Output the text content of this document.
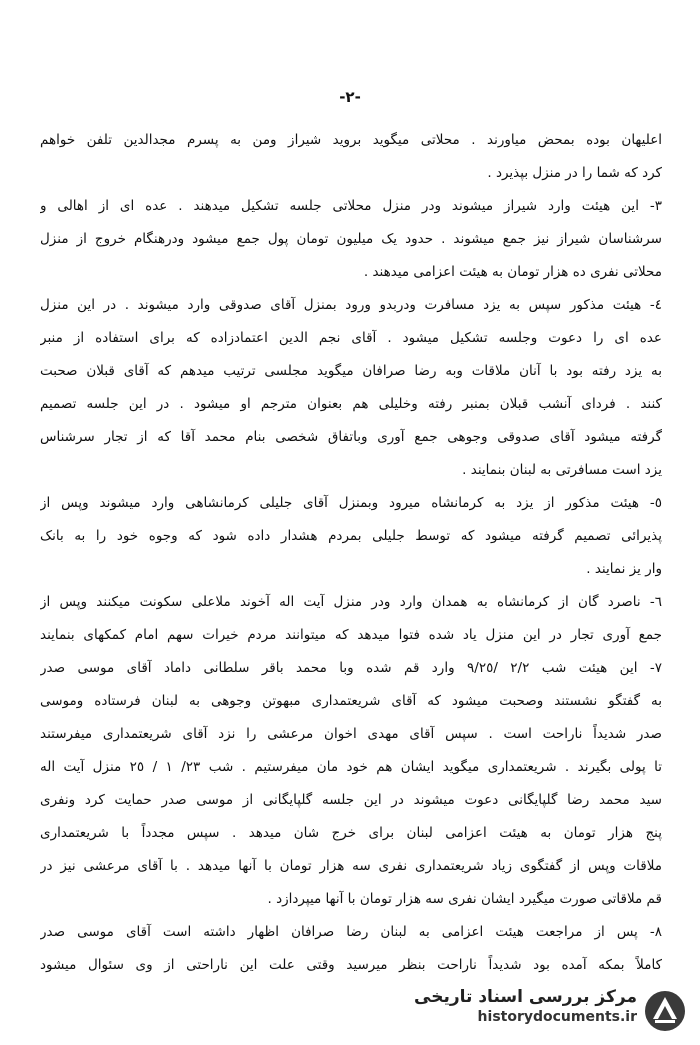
-٢-
اعلیهان بوده بمحض میاورند . محلاتی میگوید بروید شیراز ومن به پسرم مجدالدین تلفن خواهم
کرد که شما را در منزل بپذیرد .
٣- این هیئت وارد شیراز میشوند ودر منزل محلاتی جلسه تشکیل میدهند . عده ای از اهالی و
سرشناسان شیراز نیز جمع میشوند . حدود یک میلیون تومان پول جمع میشود ودرهنگام خروج از منزل
محلاتی نفری ده هزار تومان به هیئت اعزامی میدهند .
٤- هیئت مذکور سپس به یزد مسافرت ودربدو ورود بمنزل آقای صدوقی وارد میشوند . در این منزل
عده ای را دعوت وجلسه تشکیل میشود . آقای نجم الدین اعتمادزاده که برای استفاده از منبر
به یزد رفته بود با آنان ملاقات وبه رضا صرافان میگوید مجلسی ترتیب میدهم که آقای قبلان صحبت
کنند . فردای آنشب قبلان بمنبر رفته وخلیلی هم بعنوان مترجم او میشود . در این جلسه تصمیم
گرفته میشود آقای صدوقی وجوهی جمع آوری وباتفاق شخصی بنام محمد آقا که از تجار سرشناس
یزد است مسافرتی به لبنان بنمایند .
٥- هیئت مذکور از یزد به کرمانشاه میرود وبمنزل آقای جلیلی کرمانشاهی وارد میشوند وپس از
پذیرائی تصمیم گرفته میشود که توسط جلیلی بمردم هشدار داده شود که وجوه خود را به بانک
وار یز نمایند .
٦- ناصرد گان از کرمانشاه به همدان وارد ودر منزل آیت اله آخوند ملاعلی سکونت میکنند وپس از
جمع آوری تجار در این منزل یاد شده فتوا میدهد که میتوانند مردم خیرات سهم امام کمکهای بنمایند
٧- این هیئت شب ٢/٢ /٩/٢٥ وارد قم شده وبا محمد باقر سلطانی داماد آقای موسی صدر
به گفتگو نشستند وصحبت میشود که آقای شریعتمداری مبهوتن وجوهی به لبنان فرستاده وموسی
صدر شدیداً ناراحت است . سپس آقای مهدی اخوان مرعشی را نزد آقای شریعتمداری میفرستند
تا پولی بگیرند . شریعتمداری میگوید ایشان هم خود مان میفرستیم . شب ٢٣/ ١ / ٢٥ منزل آیت اله
سید محمد رضا گلپایگانی دعوت میشوند در این جلسه گلپایگانی از موسی صدر حمایت کرد ونفری
پنج هزار تومان به هیئت اعزامی لبنان برای خرج شان میدهد . سپس مجدداً با شریعتمداری
ملاقات وپس از گفتگوی زیاد شریعتمداری نفری سه هزار تومان با آنها میدهد . با آقای مرعشی نیز در
قم ملاقاتی صورت میگیرد ایشان نفری سه هزار تومان با آنها میپردازد .
٨- پس از مراجعت هیئت اعزامی به لبنان رضا صرافان اظهار داشته است آقای موسی صدر
کاملاً بمکه آمده بود شدیداً ناراحت بنظر میرسید وقتی علت این ناراحتی از وی سئوال میشود
مرکز بررسی اسناد تاریخی
historydocuments.ir
